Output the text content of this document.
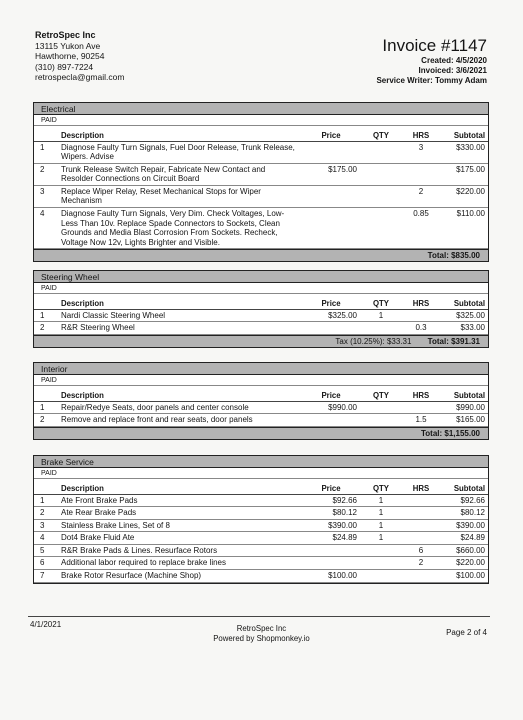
RetroSpec Inc
13115 Yukon Ave
Hawthorne, 90254
(310) 897-7224
retrospecla@gmail.com
Invoice #1147
Created: 4/5/2020
Invoiced: 3/6/2021
Service Writer: Tommy Adam
Electrical
PAID
	Description	Price	QTY	HRS	Subtotal
1	Diagnose Faulty Turn Signals, Fuel Door Release, Trunk Release, Wipers. Advise			3	$330.00
2	Trunk Release Switch Repair, Fabricate New Contact and Resolder Connections on Circuit Board	$175.00			$175.00
3	Replace Wiper Relay, Reset Mechanical Stops for Wiper Mechanism			2	$220.00
4	Diagnose Faulty Turn Signals, Very Dim. Check Voltages, Low-Less Than 10v. Replace Spade Connectors to Sockets, Clean Grounds and Media Blast Corrosion From Sockets. Recheck, Voltage Now 12v, Lights Brighter and Visible.			0.85	$110.00
Total: $835.00
Steering Wheel
PAID
	Description	Price	QTY	HRS	Subtotal
1	Nardi Classic Steering Wheel	$325.00	1		$325.00
2	R&R Steering Wheel			0.3	$33.00
Tax (10.25%): $33.31 Total: $391.31
Interior
PAID
	Description	Price	QTY	HRS	Subtotal
1	Repair/Redye Seats, door panels and center console	$990.00			$990.00
2	Remove and replace front and rear seats, door panels			1.5	$165.00
Total: $1,155.00
Brake Service
PAID
	Description	Price	QTY	HRS	Subtotal
1	Ate Front Brake Pads	$92.66	1		$92.66
2	Ate Rear Brake Pads	$80.12	1		$80.12
3	Stainless Brake Lines, Set of 8	$390.00	1		$390.00
4	Dot4 Brake Fluid Ate	$24.89	1		$24.89
5	R&R Brake Pads & Lines. Resurface Rotors			6	$660.00
6	Additional labor required to replace brake lines			2	$220.00
7	Brake Rotor Resurface (Machine Shop)	$100.00			$100.00
4/1/2021	RetroSpec Inc
Powered by Shopmonkey.io
Page 2 of 4
